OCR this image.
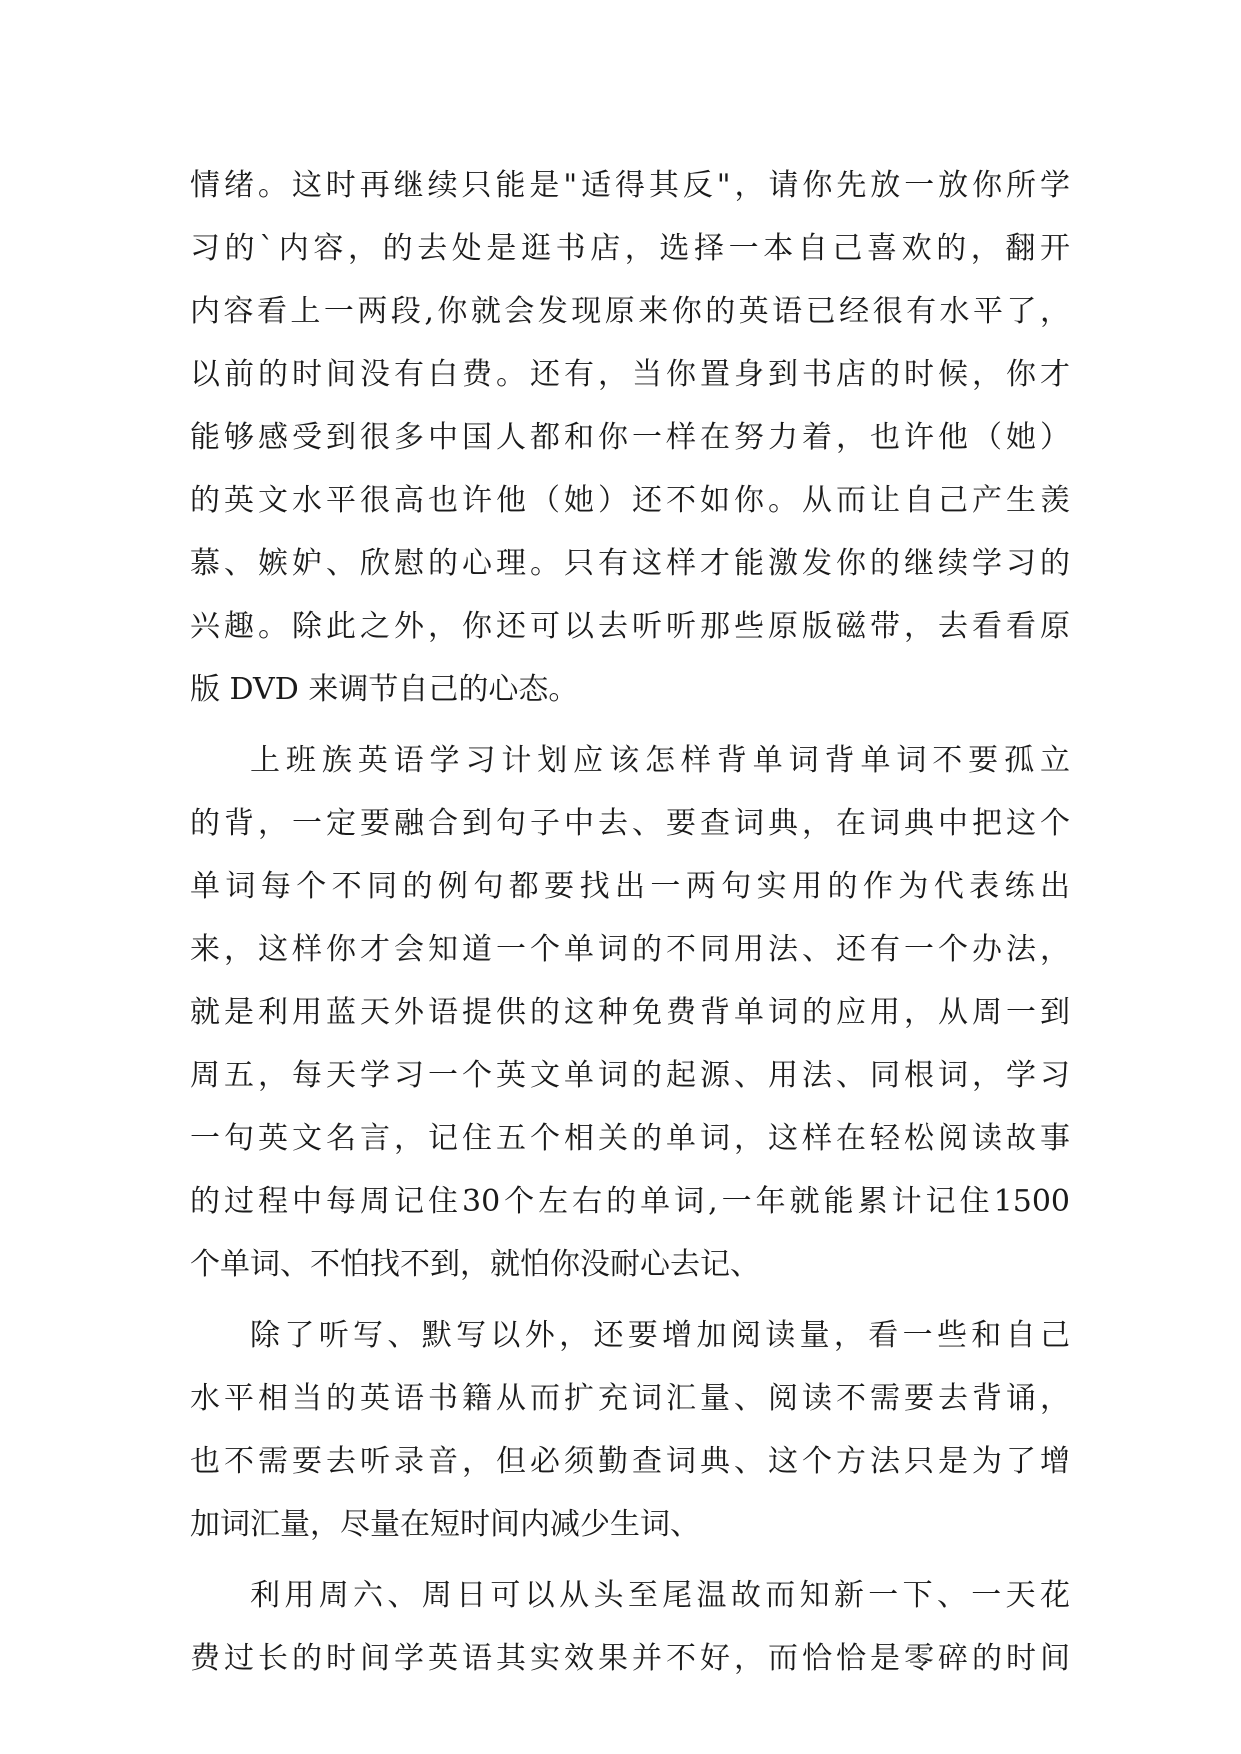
情绪。这时再继续只能是"适得其反"，请你先放一放你所学
习的`内容，的去处是逛书店，选择一本自己喜欢的，翻开
内容看上一两段,你就会发现原来你的英语已经很有水平了，
以前的时间没有白费。还有，当你置身到书店的时候，你才
能够感受到很多中国人都和你一样在努力着，也许他（她）
的英文水平很高也许他（她）还不如你。从而让自己产生羡
慕、嫉妒、欣慰的心理。只有这样才能激发你的继续学习的
兴趣。除此之外，你还可以去听听那些原版磁带，去看看原
版 DVD 来调节自己的心态。
上班族英语学习计划应该怎样背单词背单词不要孤立
的背，一定要融合到句子中去、要查词典，在词典中把这个
单词每个不同的例句都要找出一两句实用的作为代表练出
来，这样你才会知道一个单词的不同用法、还有一个办法，
就是利用蓝天外语提供的这种免费背单词的应用，从周一到
周五，每天学习一个英文单词的起源、用法、同根词，学习
一句英文名言，记住五个相关的单词，这样在轻松阅读故事
的过程中每周记住30个左右的单词,一年就能累计记住1500
个单词、不怕找不到，就怕你没耐心去记、
除了听写、默写以外，还要增加阅读量，看一些和自己
水平相当的英语书籍从而扩充词汇量、阅读不需要去背诵，
也不需要去听录音，但必须勤查词典、这个方法只是为了增
加词汇量，尽量在短时间内减少生词、
利用周六、周日可以从头至尾温故而知新一下、一天花
费过长的时间学英语其实效果并不好，而恰恰是零碎的时间
